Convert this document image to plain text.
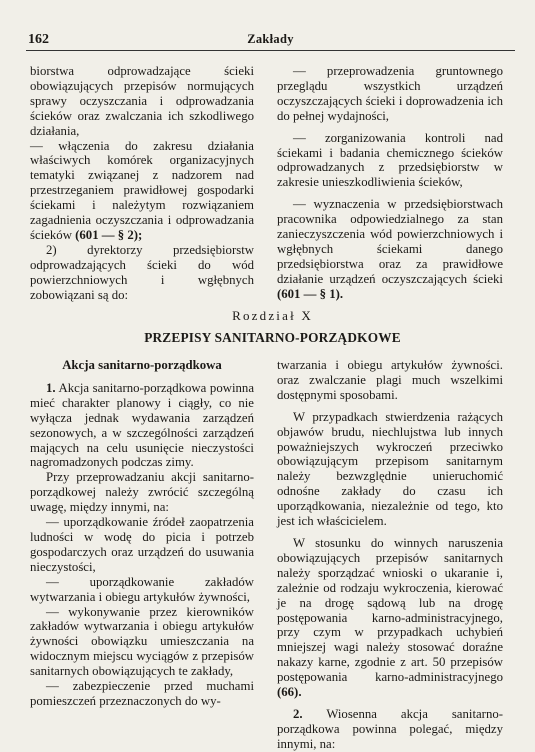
162	Zakłady

biorstwa odprowadzające ścieki obowiązujących przepisów normujących sprawy oczyszczania i odprowadzania ścieków oraz zwalczania ich szkodliwego działania,

— włączenia do zakresu działania właściwych komórek organizacyjnych tematyki związanej z nadzorem nad przestrzeganiem prawidłowej gospodarki ściekami i należytym rozwiązaniem zagadnienia oczyszczania i odprowadzania ścieków (601 — § 2);

2) dyrektorzy przedsiębiorstw odprowadzających ścieki do wód powierzchniowych i wgłębnych zobowiązani są do:

— przeprowadzenia gruntownego przeglądu wszystkich urządzeń oczyszczających ścieki i doprowadzenia ich do pełnej wydajności,

— zorganizowania kontroli nad ściekami i badania chemicznego ścieków odprowadzanych z przedsiębiorstw w zakresie unieszkodliwienia ścieków,

— wyznaczenia w przedsiębiorstwach pracownika odpowiedzialnego za stan zanieczyszczenia wód powierzchniowych i wgłębnych ściekami danego przedsiębiorstwa oraz za prawidłowe działanie urządzeń oczyszczających ścieki (601 — § 1).

Rozdział X
PRZEPISY SANITARNO-PORZĄDKOWE

Akcja sanitarno-porządkowa

1. Akcja sanitarno-porządkowa powinna mieć charakter planowy i ciągły, co nie wyłącza jednak wydawania zarządzeń sezonowych, a w szczególności zarządzeń mających na celu usunięcie nieczystości nagromadzonych podczas zimy.

Przy przeprowadzaniu akcji sanitarno-porządkowej należy zwrócić szczególną uwagę, między innymi, na:

— uporządkowanie źródeł zaopatrzenia ludności w wodę do picia i potrzeb gospodarczych oraz urządzeń do usuwania nieczystości,

— uporządkowanie zakładów wytwarzania i obiegu artykułów żywności,

— wykonywanie przez kierowników zakładów wytwarzania i obiegu artykułów żywności obowiązku umieszczania na widocznym miejscu wyciągów z przepisów sanitarnych obowiązujących te zakłady,

— zabezpieczenie przed muchami pomieszczeń przeznaczonych do wy-

twarzania i obiegu artykułów żywności. oraz zwalczanie plagi much wszelkimi dostępnymi sposobami.

W przypadkach stwierdzenia rażących objawów brudu, niechlujstwa lub innych poważniejszych wykroczeń przeciwko obowiązującym przepisom sanitarnym należy bezwzględnie unieruchomić odnośne zakłady do czasu ich uporządkowania, niezależnie od tego, kto jest ich właścicielem.

W stosunku do winnych naruszenia obowiązujących przepisów sanitarnych należy sporządzać wnioski o ukaranie i, zależnie od rodzaju wykroczenia, kierować je na drogę sądową lub na drogę postępowania karno-administracyjnego, przy czym w przypadkach uchybień mniejszej wagi należy stosować doraźne nakazy karne, zgodnie z art. 50 przepisów postępowania karno-administracyjnego (66).

2. Wiosenna akcja sanitarno-porządkowa powinna polegać, między innymi, na:
